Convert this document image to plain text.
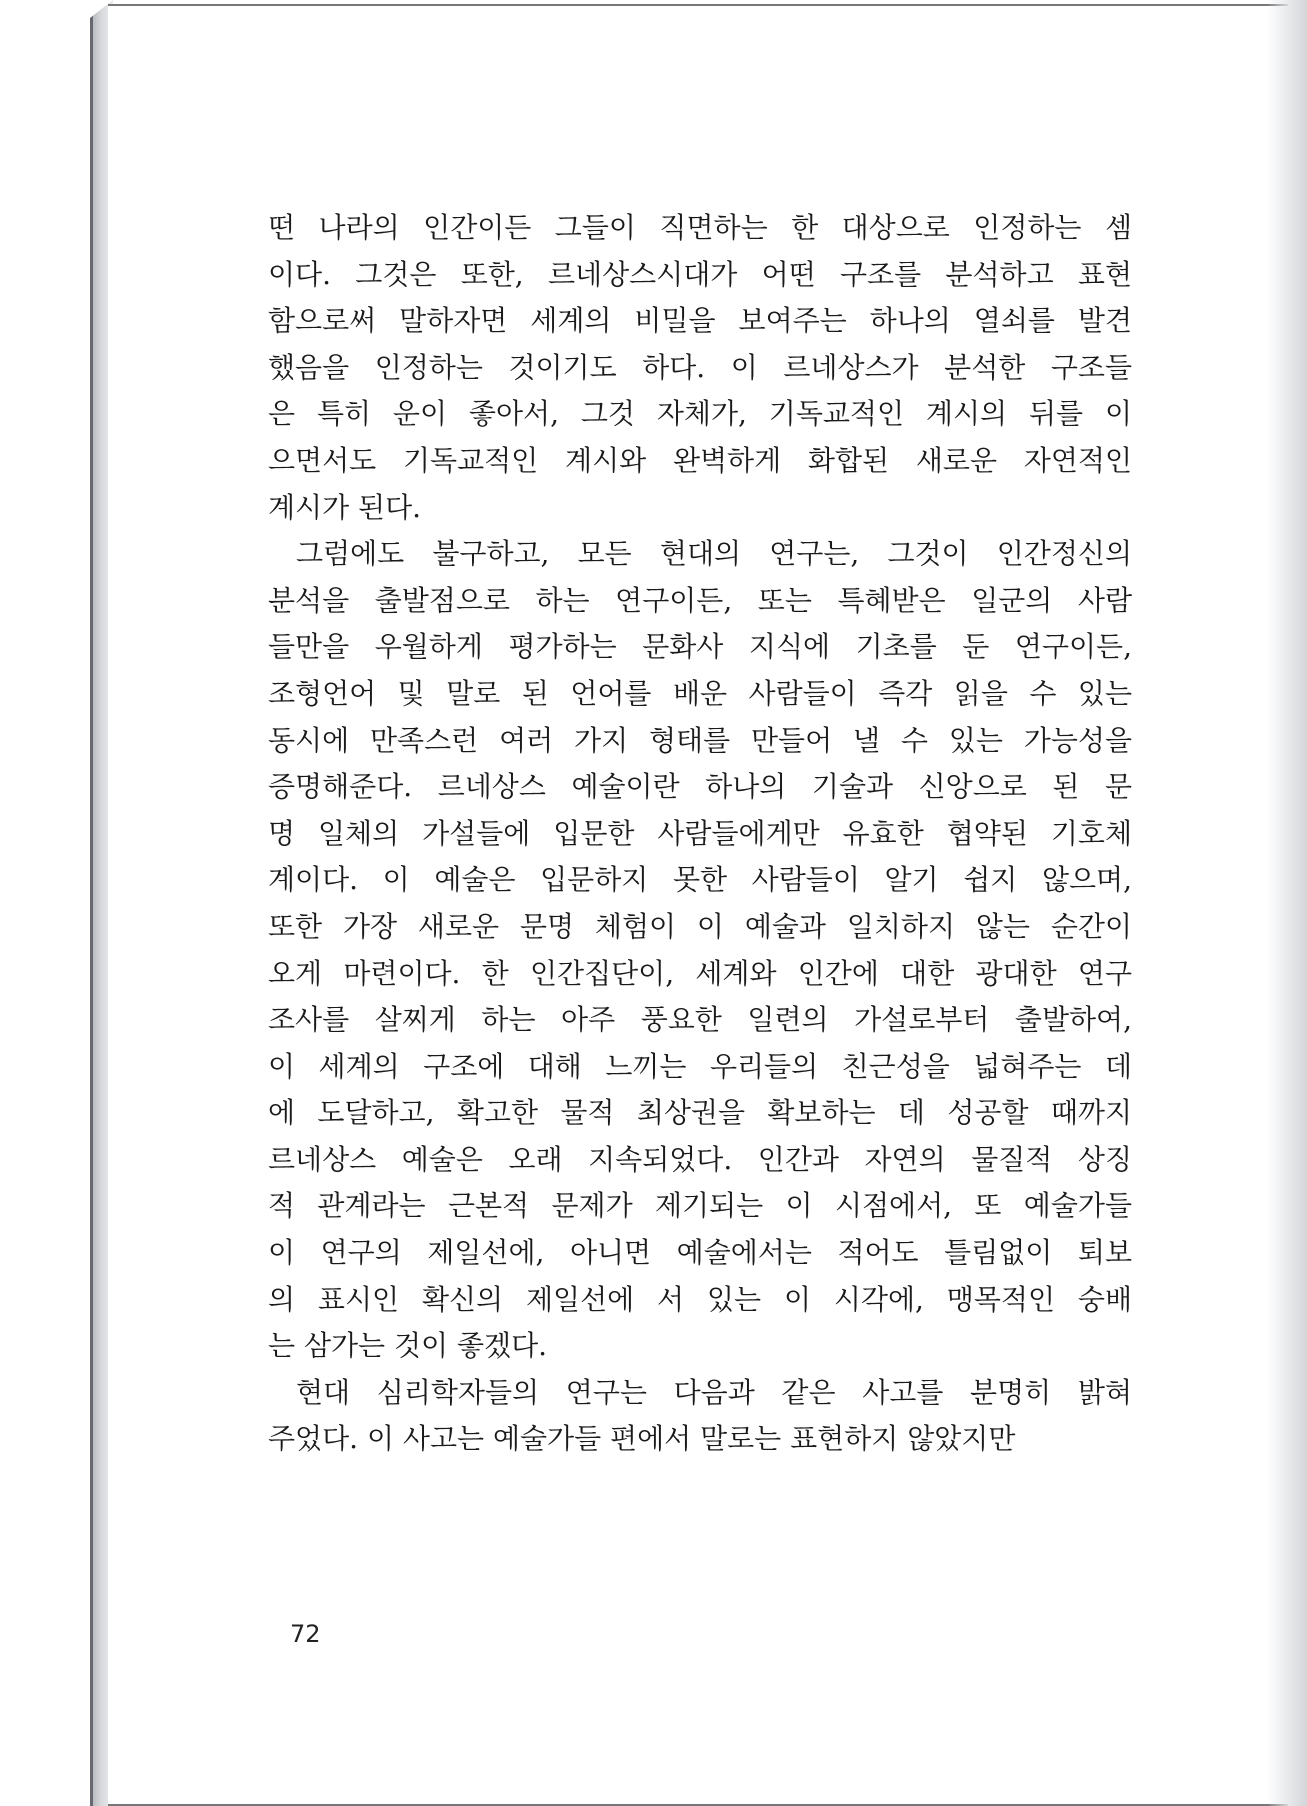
떤 나라의 인간이든 그들이 직면하는 한 대상으로 인정하는 셈
이다. 그것은 또한, 르네상스시대가 어떤 구조를 분석하고 표현
함으로써 말하자면 세계의 비밀을 보여주는 하나의 열쇠를 발견
했음을 인정하는 것이기도 하다. 이 르네상스가 분석한 구조들
은 특히 운이 좋아서, 그것 자체가, 기독교적인 계시의 뒤를 이
으면서도 기독교적인 계시와 완벽하게 화합된 새로운 자연적인
계시가 된다.

그럼에도 불구하고, 모든 현대의 연구는, 그것이 인간정신의
분석을 출발점으로 하는 연구이든, 또는 특혜받은 일군의 사람
들만을 우월하게 평가하는 문화사 지식에 기초를 둔 연구이든,
조형언어 및 말로 된 언어를 배운 사람들이 즉각 읽을 수 있는
동시에 만족스런 여러 가지 형태를 만들어 낼 수 있는 가능성을
증명해준다. 르네상스 예술이란 하나의 기술과 신앙으로 된 문
명 일체의 가설들에 입문한 사람들에게만 유효한 협약된 기호체
계이다. 이 예술은 입문하지 못한 사람들이 알기 쉽지 않으며,
또한 가장 새로운 문명 체험이 이 예술과 일치하지 않는 순간이
오게 마련이다. 한 인간집단이, 세계와 인간에 대한 광대한 연구
조사를 살찌게 하는 아주 풍요한 일련의 가설로부터 출발하여,
이 세계의 구조에 대해 느끼는 우리들의 친근성을 넓혀주는 데
에 도달하고, 확고한 물적 최상권을 확보하는 데 성공할 때까지
르네상스 예술은 오래 지속되었다. 인간과 자연의 물질적 상징
적 관계라는 근본적 문제가 제기되는 이 시점에서, 또 예술가들
이 연구의 제일선에, 아니면 예술에서는 적어도 틀림없이 퇴보
의 표시인 확신의 제일선에 서 있는 이 시각에, 맹목적인 숭배
는 삼가는 것이 좋겠다.

현대 심리학자들의 연구는 다음과 같은 사고를 분명히 밝혀
주었다. 이 사고는 예술가들 편에서 말로는 표현하지 않았지만

72
